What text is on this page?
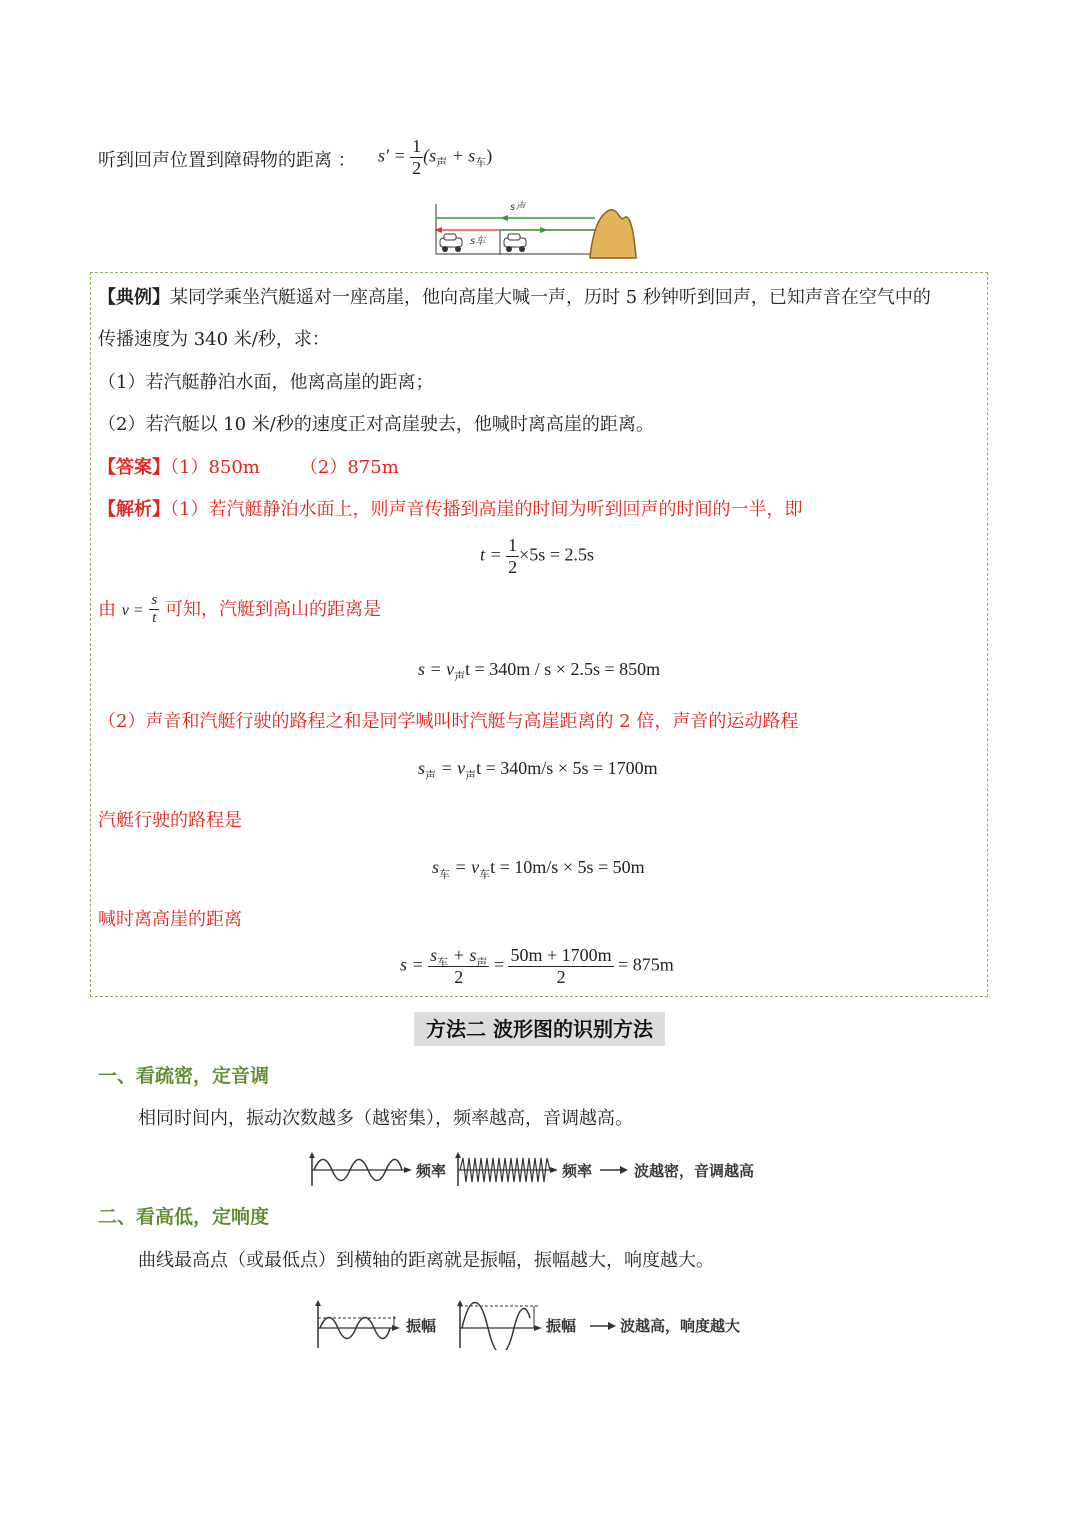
听到回声位置到障碍物的距离 ： $s' = \frac{1}{2} (s_声 + s_车)$
s声
s车
【典例】某同学乘坐汽艇遥对一座高崖，他向高崖大喊一声，历时 5 秒钟听到回声，已知声音在空气中的
传播速度为 340 米/秒，求：
（1）若汽艇静泊水面，他离高崖的距离；
（2）若汽艇以 10 米/秒的速度正对高崖驶去，他喊时离高崖的距离。
【答案】（1）850m （2）875m
【解析】（1）若汽艇静泊水面上，则声音传播到高崖的时间为听到回声的时间的一半，即
$t = \frac{1}{2} \times 5s = 2.5s$
由 $v = \frac{s}{t}$ 可知，汽艇到高山的距离是
$s = v_声t = 340m / s \times 2.5s = 850m$
（2）声音和汽艇行驶的路程之和是同学喊叫时汽艇与高崖距离的 2 倍，声音的运动路程
$s_声 = v_声t = 340m/s \times 5s = 1700m$
汽艇行驶的路程是
$s_车 = v_车t = 10m/s \times 5s = 50m$
喊时离高崖的距离
$s = \frac{s_车 + s_声}{2} = \frac{50m + 1700m}{2} = 875m$
方法二 波形图的识别方法
一、看疏密，定音调
相同时间内，振动次数越多（越密集），频率越高，音调越高。
频率	频率	波越密，音调越高
二、看高低，定响度
曲线最高点（或最低点）到横轴的距离就是振幅，振幅越大，响度越大。
振幅	振幅	波越高，响度越大
